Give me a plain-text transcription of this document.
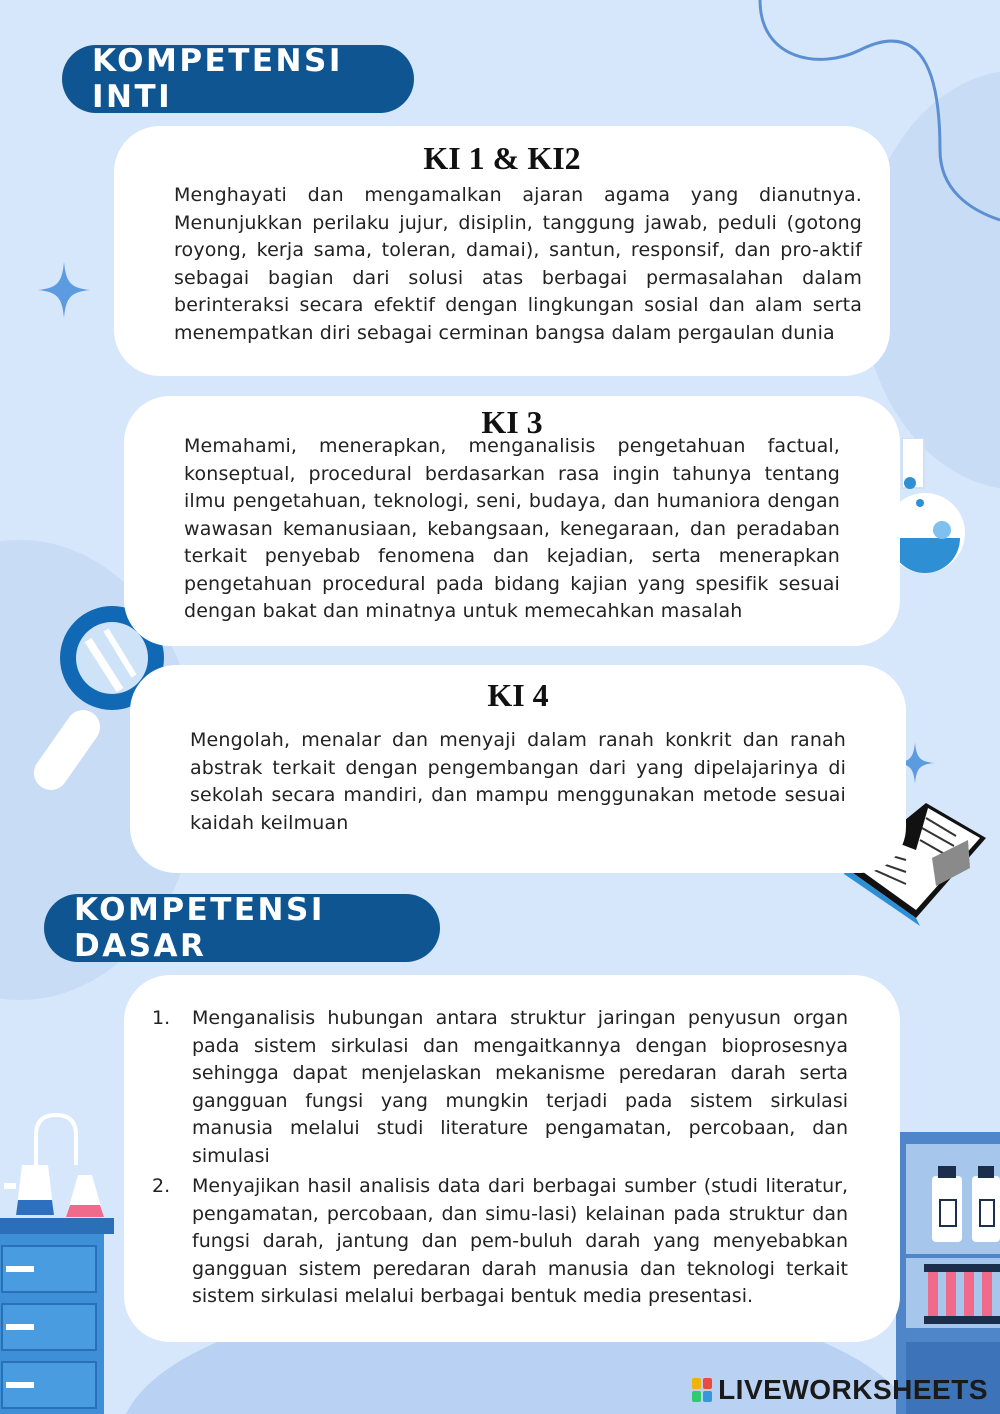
KOMPETENSI INTI
KI 1 & KI2
Menghayati dan mengamalkan ajaran agama yang dianutnya. Menunjukkan perilaku jujur, disiplin, tanggung jawab, peduli (gotong royong, kerja sama, toleran, damai), santun, responsif, dan pro-aktif sebagai bagian dari solusi atas berbagai permasalahan dalam berinteraksi secara efektif dengan lingkungan sosial dan alam serta menempatkan diri sebagai cerminan bangsa dalam pergaulan dunia
KI 3
Memahami, menerapkan, menganalisis pengetahuan factual, konseptual, procedural berdasarkan rasa ingin tahunya tentang ilmu pengetahuan, teknologi, seni, budaya, dan humaniora dengan wawasan kemanusiaan, kebangsaan, kenegaraan, dan peradaban terkait penyebab fenomena dan kejadian, serta menerapkan pengetahuan procedural pada bidang kajian yang spesifik sesuai dengan bakat dan minatnya untuk memecahkan masalah
KI 4
Mengolah, menalar dan menyaji dalam ranah konkrit dan ranah abstrak terkait dengan pengembangan dari yang dipelajarinya di sekolah secara mandiri, dan mampu menggunakan metode sesuai kaidah keilmuan
KOMPETENSI DASAR
1. Menganalisis hubungan antara struktur jaringan penyusun organ pada sistem sirkulasi dan mengaitkannya dengan bioprosesnya sehingga dapat menjelaskan mekanisme peredaran darah serta gangguan fungsi yang mungkin terjadi pada sistem sirkulasi manusia melalui studi literature pengamatan, percobaan, dan simulasi
2. Menyajikan hasil analisis data dari berbagai sumber (studi literatur, pengamatan, percobaan, dan simu-lasi) kelainan pada struktur dan fungsi darah, jantung dan pem-buluh darah yang menyebabkan gangguan sistem peredaran darah manusia dan teknologi terkait sistem sirkulasi melalui berbagai bentuk media presentasi.
LIVEWORKSHEETS
